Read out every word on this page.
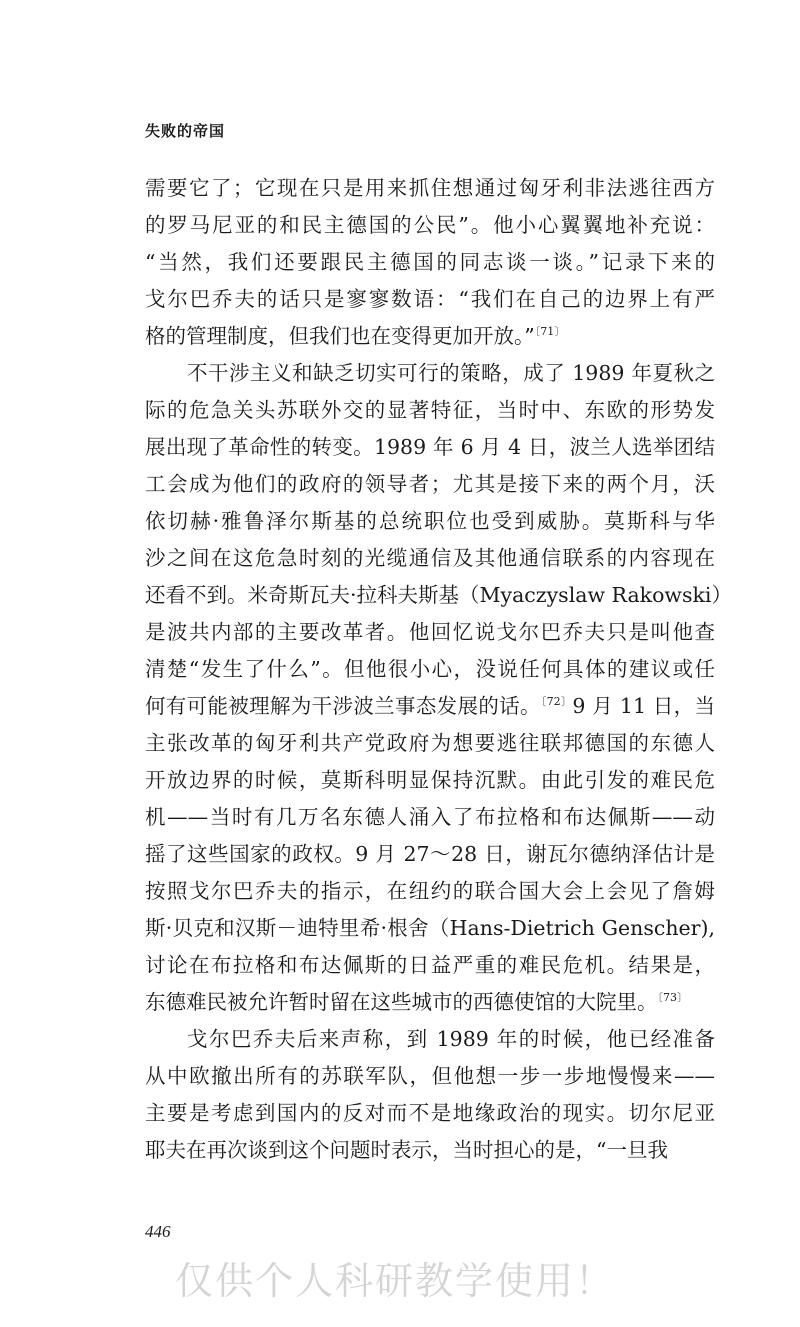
失败的帝国
需要它了；它现在只是用来抓住想通过匈牙利非法逃往西方
的罗马尼亚的和民主德国的公民”。他小心翼翼地补充说：
“当然，我们还要跟民主德国的同志谈一谈。”记录下来的
戈尔巴乔夫的话只是寥寥数语：“我们在自己的边界上有严
格的管理制度，但我们也在变得更加开放。”$^{〔71〕}$
不干涉主义和缺乏切实可行的策略，成了 1989 年夏秋之
际的危急关头苏联外交的显著特征，当时中、东欧的形势发
展出现了革命性的转变。1989 年 6 月 4 日，波兰人选举团结
工会成为他们的政府的领导者；尤其是接下来的两个月，沃
依切赫·雅鲁泽尔斯基的总统职位也受到威胁。莫斯科与华
沙之间在这危急时刻的光缆通信及其他通信联系的内容现在
还看不到。米奇斯瓦夫·拉科夫斯基（Myaczyslaw Rakowski）
是波共内部的主要改革者。他回忆说戈尔巴乔夫只是叫他查
清楚“发生了什么”。但他很小心，没说任何具体的建议或任
何有可能被理解为干涉波兰事态发展的话。$^{〔72〕}$9 月 11 日，当
主张改革的匈牙利共产党政府为想要逃往联邦德国的东德人
开放边界的时候，莫斯科明显保持沉默。由此引发的难民危
机——当时有几万名东德人涌入了布拉格和布达佩斯——动
摇了这些国家的政权。9 月 27～28 日，谢瓦尔德纳泽估计是
按照戈尔巴乔夫的指示，在纽约的联合国大会上会见了詹姆
斯·贝克和汉斯－迪特里希·根舍（Hans-Dietrich Genscher),
讨论在布拉格和布达佩斯的日益严重的难民危机。结果是，
东德难民被允许暂时留在这些城市的西德使馆的大院里。$^{〔73〕}$
戈尔巴乔夫后来声称，到 1989 年的时候，他已经准备
从中欧撤出所有的苏联军队，但他想一步一步地慢慢来——
主要是考虑到国内的反对而不是地缘政治的现实。切尔尼亚
耶夫在再次谈到这个问题时表示，当时担心的是，“一旦我
446
仅供个人科研教学使用！
